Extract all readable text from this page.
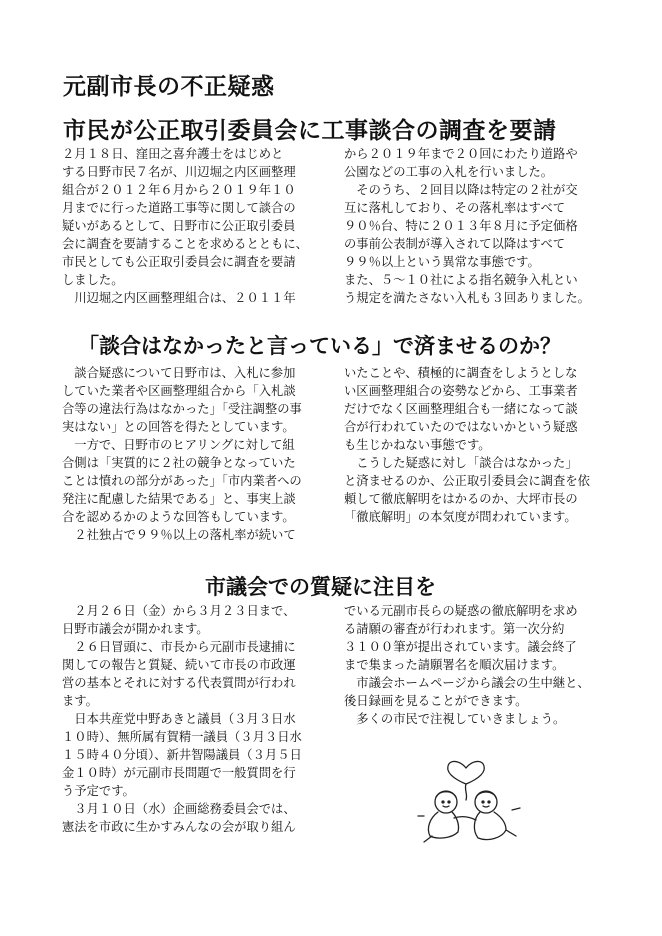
元副市長の不正疑惑
市民が公正取引委員会に工事談合の調査を要請
２月１８日、窪田之喜弁護士をはじめと
する日野市民７名が、川辺堀之内区画整理
組合が２０１２年６月から２０１９年１０
月までに行った道路工事等に関して談合の
疑いがあるとして、日野市に公正取引委員
会に調査を要請することを求めるとともに、
市民としても公正取引委員会に調査を要請
しました。
　川辺堀之内区画整理組合は、２０１１年
から２０１９年まで２０回にわたり道路や
公園などの工事の入札を行いました。
　そのうち、２回目以降は特定の２社が交
互に落札しており、その落札率はすべて
９０％台、特に２０１３年８月に予定価格
の事前公表制が導入されて以降はすべて
９９％以上という異常な事態です。
また、５～１０社による指名競争入札とい
う規定を満たさない入札も３回ありました。
「談合はなかったと言っている」で済ませるのか？
　談合疑惑について日野市は、入札に参加
していた業者や区画整理組合から「入札談
合等の違法行為はなかった」「受注調整の事
実はない」との回答を得たとしています。
　一方で、日野市のヒアリングに対して組
合側は「実質的に２社の競争となっていた
ことは憤れの部分があった」「市内業者への
発注に配慮した結果である」と、事実上談
合を認めるかのような回答もしています。
　２社独占で９９％以上の落札率が続いて
いたことや、積極的に調査をしようとしな
い区画整理組合の姿勢などから、工事業者
だけでなく区画整理組合も一緒になって談
合が行われていたのではないかという疑惑
も生じかねない事態です。
　こうした疑惑に対し「談合はなかった」
と済ませるのか、公正取引委員会に調査を依
頼して徹底解明をはかるのか、大坪市長の
「徹底解明」の本気度が問われています。
市議会での質疑に注目を
　２月２６日（金）から３月２３日まで、
日野市議会が開かれます。
　２６日冒頭に、市長から元副市長逮捕に
関しての報告と質疑、続いて市長の市政運
営の基本とそれに対する代表質問が行われ
ます。
　日本共産党中野あきと議員（３月３日水
１０時）、無所属有賀精一議員（３月３日水
１５時４０分頃）、新井智陽議員（３月５日
金１０時）が元副市長問題で一般質問を行
う予定です。
　３月１０日（水）企画総務委員会では、
憲法を市政に生かすみんなの会が取り組ん
でいる元副市長らの疑惑の徹底解明を求め
る請願の審査が行われます。第一次分約
３１００筆が提出されています。議会終了
まで集まった請願署名を順次届けます。
　市議会ホームページから議会の生中継と、
後日録画を見ることができます。
　多くの市民で注視していきましょう。
